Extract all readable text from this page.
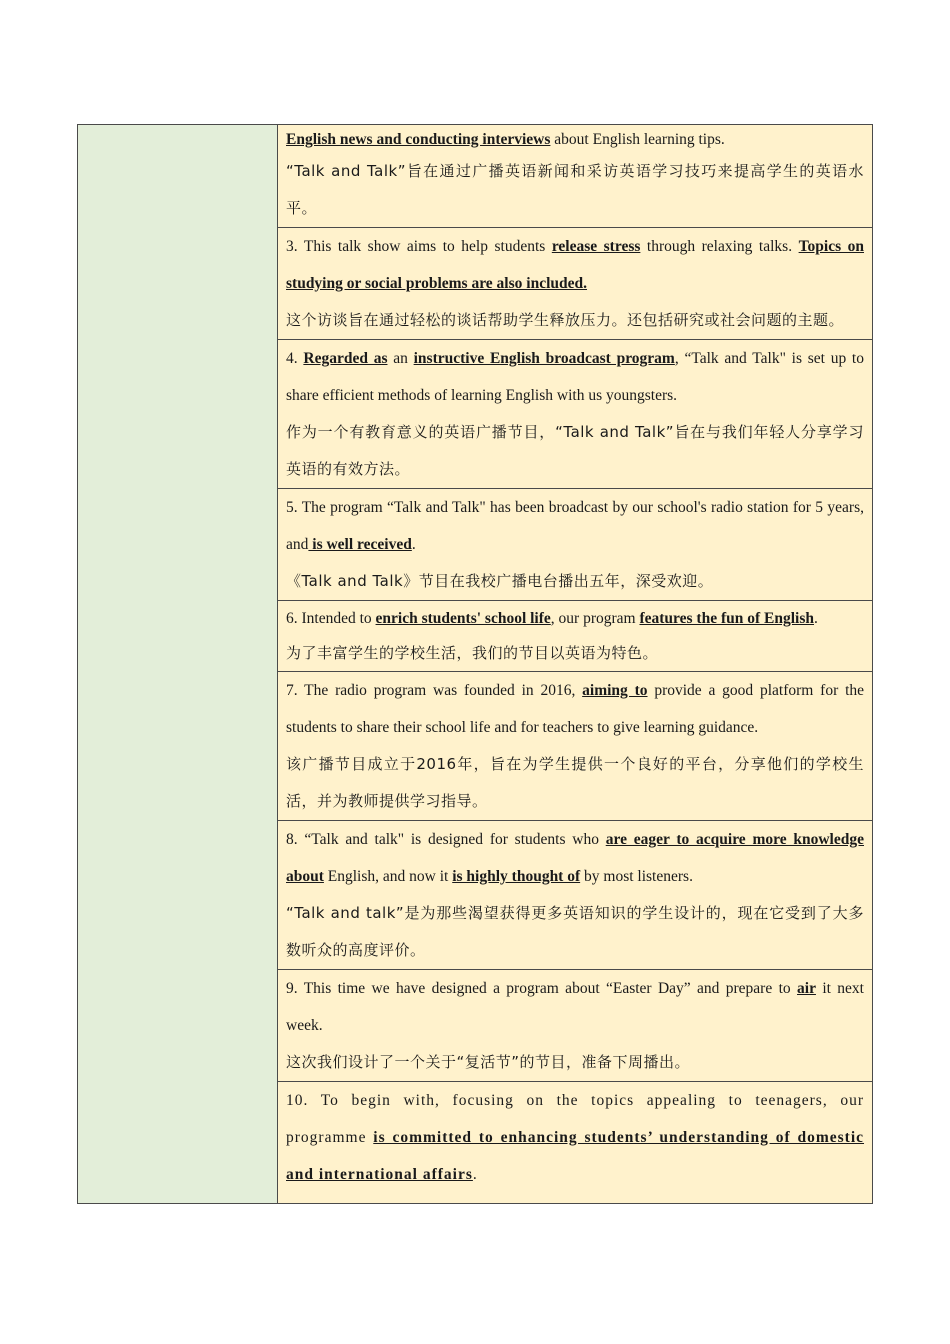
English news and conducting interviews about English learning tips.
“Talk and Talk”旨在通过广播英语新闻和采访英语学习技巧来提高学生的英语水平。

3. This talk show aims to help students release stress through relaxing talks. Topics on studying or social problems are also included.
这个访谈旨在通过轻松的谈话帮助学生释放压力。还包括研究或社会问题的主题。

4. Regarded as an instructive English broadcast program, “Talk and Talk" is set up to share efficient methods of learning English with us youngsters.
作为一个有教育意义的英语广播节目，“Talk and Talk”旨在与我们年轻人分享学习英语的有效方法。

5. The program “Talk and Talk" has been broadcast by our school's radio station for 5 years, and is well received.
《Talk and Talk》节目在我校广播电台播出五年，深受欢迎。

6. Intended to enrich students' school life, our program features the fun of English.
为了丰富学生的学校生活，我们的节目以英语为特色。

7. The radio program was founded in 2016, aiming to provide a good platform for the students to share their school life and for teachers to give learning guidance.
该广播节目成立于2016年，旨在为学生提供一个良好的平台，分享他们的学校生活，并为教师提供学习指导。

8. “Talk and talk" is designed for students who are eager to acquire more knowledge about English, and now it is highly thought of by most listeners.
“Talk and talk”是为那些渴望获得更多英语知识的学生设计的，现在它受到了大多数听众的高度评价。

9. This time we have designed a program about “Easter Day” and prepare to air it next week.
这次我们设计了一个关于“复活节”的节目，准备下周播出。

10. To begin with, focusing on the topics appealing to teenagers, our programme is committed to enhancing students’ understanding of domestic and international affairs.
